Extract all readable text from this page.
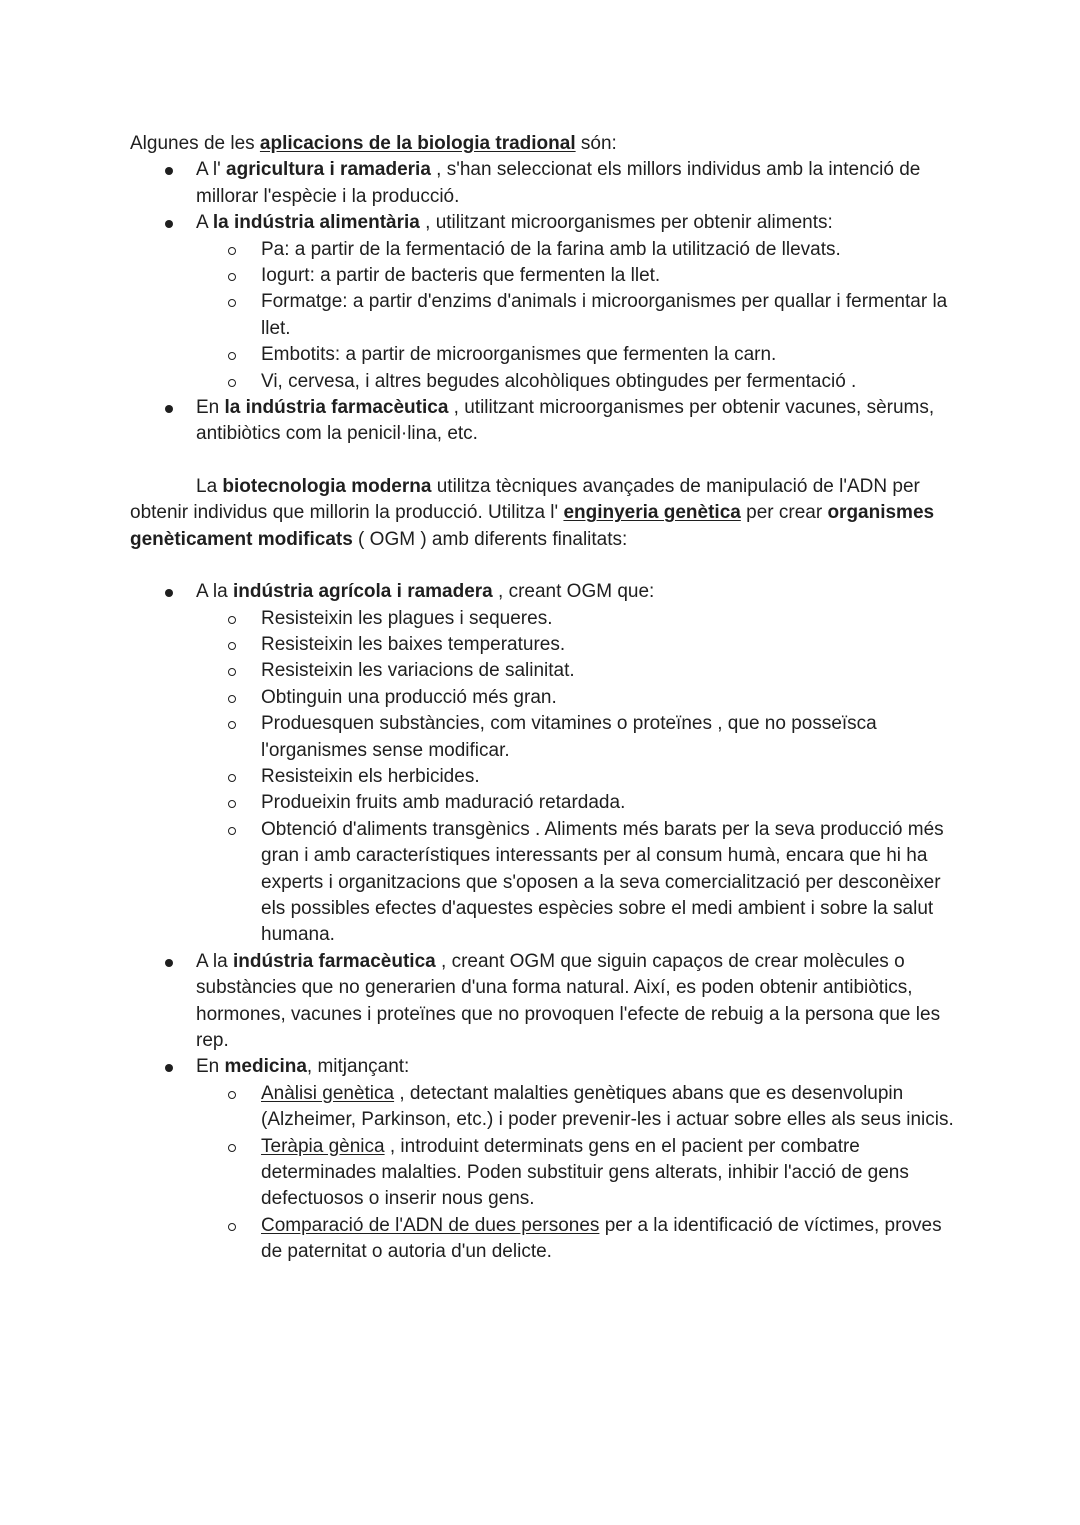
Algunes de les aplicacions de la biologia tradional són:

A l' agricultura i ramaderia , s'han seleccionat els millors individus amb la intenció de millorar l'espècie i la producció.
A la indústria alimentària , utilitzant microorganismes per obtenir aliments:
Pa: a partir de la fermentació de la farina amb la utilització de llevats.
Iogurt: a partir de bacteris que fermenten la llet.
Formatge: a partir d'enzims d'animals i microorganismes per quallar i fermentar la llet.
Embotits: a partir de microorganismes que fermenten la carn.
Vi, cervesa, i altres begudes alcohòliques obtingudes per fermentació .
En la indústria farmacèutica , utilitzant microorganismes per obtenir vacunes, sèrums, antibiòtics com la penicil·lina, etc.

La biotecnologia moderna utilitza tècniques avançades de manipulació de l'ADN per obtenir individus que millorin la producció. Utilitza l' enginyeria genètica per crear organismes genèticament modificats ( OGM ) amb diferents finalitats:

A la indústria agrícola i ramadera , creant OGM que:
Resisteixin les plagues i sequeres.
Resisteixin les baixes temperatures.
Resisteixin les variacions de salinitat.
Obtinguin una producció més gran.
Produesquen substàncies, com vitamines o proteïnes , que no posseïsca l'organismes sense modificar.
Resisteixin els herbicides.
Produeixin fruits amb maduració retardada.
Obtenció d'aliments transgènics . Aliments més barats per la seva producció més gran i amb característiques interessants per al consum humà, encara que hi ha experts i organitzacions que s'oposen a la seva comercialització per desconèixer els possibles efectes d'aquestes espècies sobre el medi ambient i sobre la salut humana.
A la indústria farmacèutica , creant OGM que siguin capaços de crear molècules o substàncies que no generarien d'una forma natural. Així, es poden obtenir antibiòtics, hormones, vacunes i proteïnes que no provoquen l'efecte de rebuig a la persona que les rep.
En medicina, mitjançant:
Anàlisi genètica , detectant malalties genètiques abans que es desenvolupin (Alzheimer, Parkinson, etc.) i poder prevenir-les i actuar sobre elles als seus inicis.
Teràpia gènica , introduint determinats gens en el pacient per combatre determinades malalties. Poden substituir gens alterats, inhibir l'acció de gens defectuosos o inserir nous gens.
Comparació de l'ADN de dues persones per a la identificació de víctimes, proves de paternitat o autoria d'un delicte.
